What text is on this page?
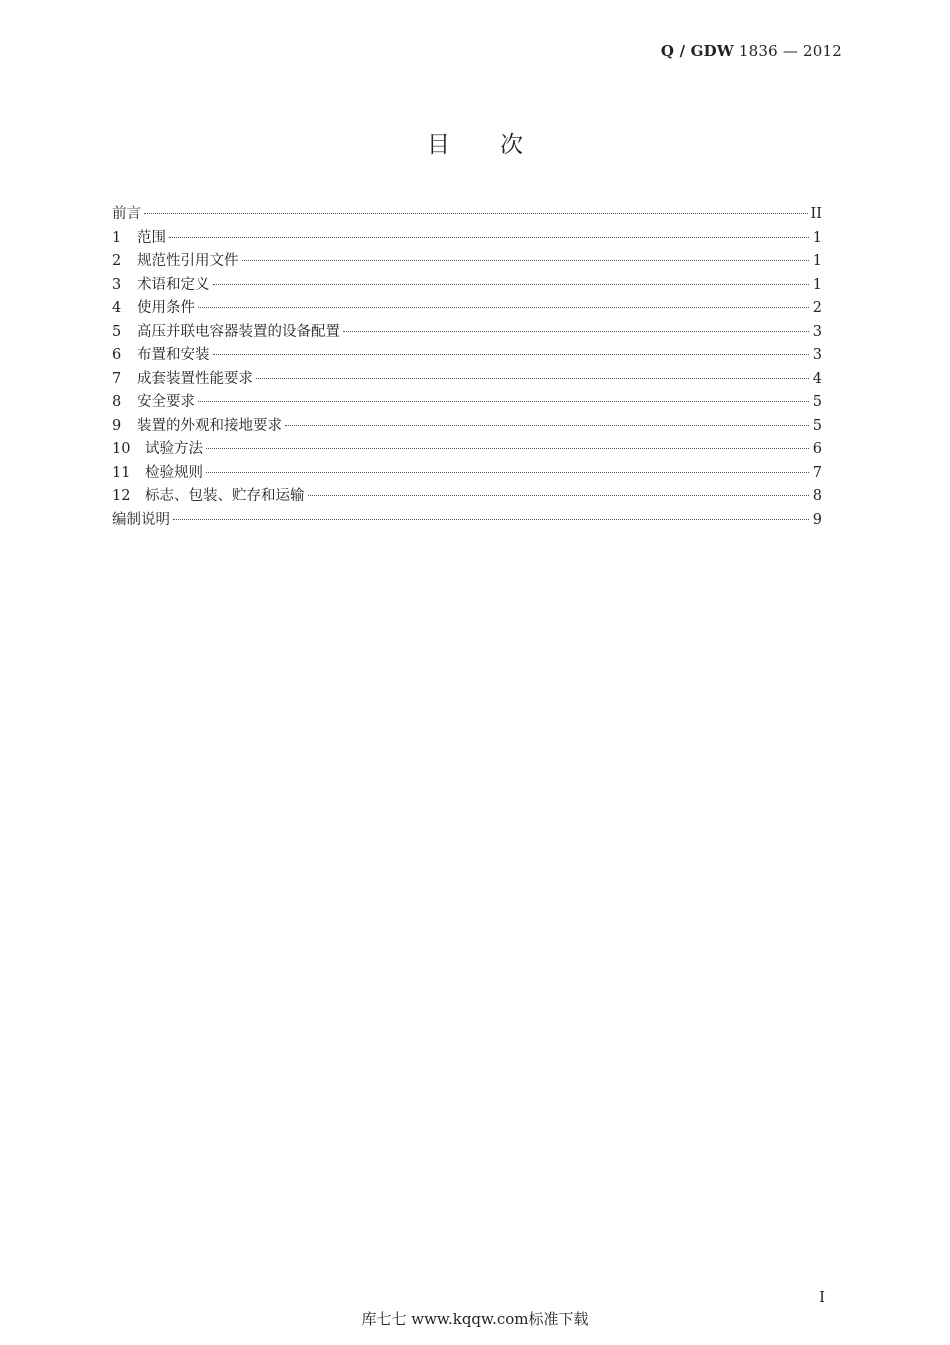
Q / GDW 1836 — 2012
目 次
前言	II
1	范围	1
2	规范性引用文件	1
3	术语和定义	1
4	使用条件	2
5	高压并联电容器装置的设备配置	3
6	布置和安装	3
7	成套装置性能要求	4
8	安全要求	5
9	装置的外观和接地要求	5
10	试验方法	6
11	检验规则	7
12	标志、包装、贮存和运输	8
编制说明	9
I
库七七 www.kqqw.com标准下载
